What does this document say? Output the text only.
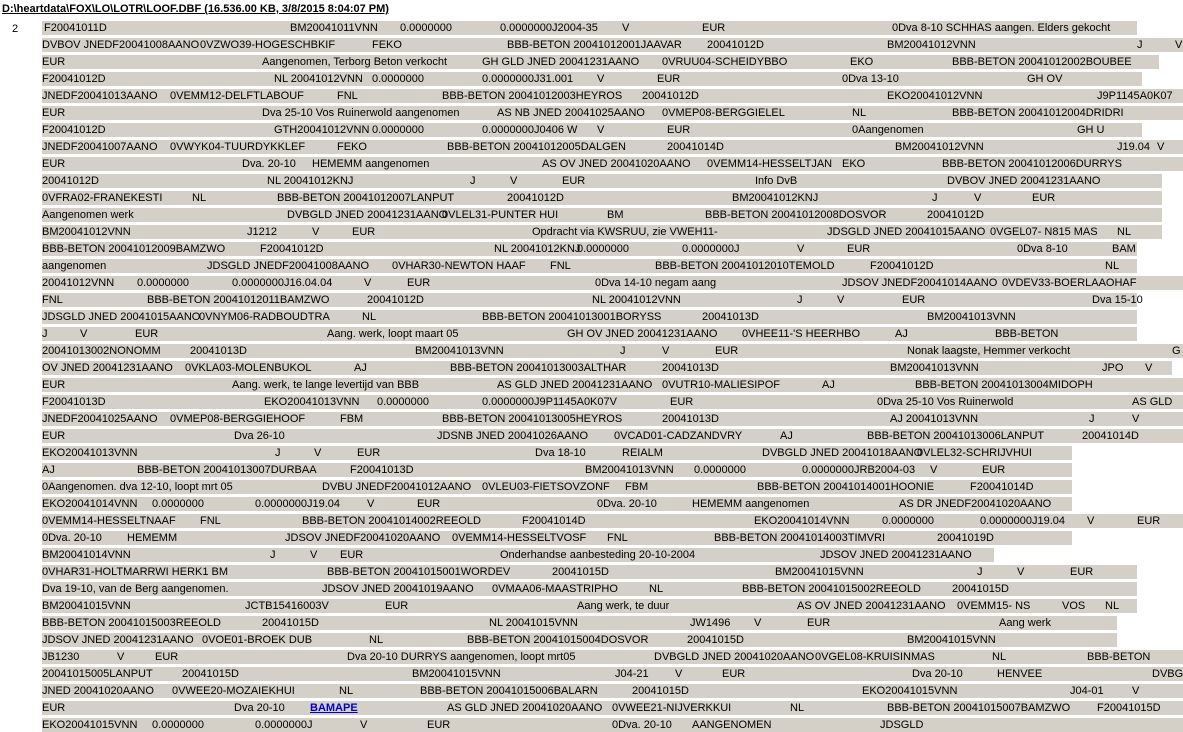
D:\heartdata\FOX\LO\LOTR\LOOF.DBF (16.536.00 KB, 3/8/2015 8:04:07 PM)
2 F20041011D	BM20041011VNN 0.0000000	0.0000000J2004-35 V	EUR	0Dva 8-10 SCHHAS aangen. Elders gekocht
DVBOV JNEDF20041008AANO 0VZWO39-HOGESCHBKIF	FEKO	BBB-BETON 20041012001JAAVAR 20041012D	BM20041012VNN	J	V
EUR	Aangenomen, Terborg Beton verkocht	GH GLD JNED 20041231AANO 0VRUU04-SCHEIDYBBO	EKO	BBB-BETON 20041012002BOUBEE
F20041012D	NL 20041012VNN 0.0000000	0.0000000J31.001 V	EUR	0Dva 13-10	GH OV
JNEDF20041013AANO 0VEMM12-DELFTLABOUF	FNL	BBB-BETON 20041012003HEYROS 20041012D	EKO20041012VNN	J9P1145A0K07
EUR	Dva 25-10 Vos Ruinerwold aangenomen	AS NB JNED 20041025AANO 0VMEP08-BERGGIELEL	NL	BBB-BETON 20041012004DRIDRI
F20041012D	GTH20041012VNN 0.0000000	0.0000000J0406 W V	EUR	0Aangenomen	GH U
JNEDF20041007AANO 0VWYK04-TUURDYKKLEF	FEKO	BBB-BETON 20041012005DALGEN	20041014D	BM20041012VNN	J19.04 V
EUR	Dva. 20-10 HEMEMM aangenomen	AS OV JNED 20041020AANO 0VEMM14-HESSELTJAN EKO	BBB-BETON 20041012006DURRYS
20041012D	NL 20041012KNJ	J	V	EUR	Info DvB	DVBOV JNED 20041231AANO
0VFRA02-FRANEKESTI	NL	BBB-BETON 20041012007LANPUT	20041012D	BM20041012KNJ	J	V	EUR
Aangenomen werk	DVBGLD JNED 20041231AANO
0VLEL31-PUNTER HUI	BM	BBB-BETON 20041012008DOSVOR	20041012D
BM20041012VNN	J1212	V	EUR	Opdracht via KWSRUU, zie VWEH11-	JDSGLD JNED 20041015AANO 0VGEL07- N815 MAS NL
BBB-BETON 20041012009BAMZWO	F20041012D	NL 20041012KNJ
0.0000000	0.0000000J	V	EUR	0Dva 8-10	BAM
aangenomen	JDSGLD JNEDF20041008AANO 0VHAR30-NEWTON HAAF FNL	BBB-BETON 20041012010TEMOLD	F20041012D	NL
20041012VNN 0.0000000	0.0000000J16.04.04	V	EUR	0Dva 14-10 negam aang	JDSOV JNEDF20041014AANO 0VDEV33-BOERLAAOHAF
FNL	BBB-BETON 20041012011BAMZWO	20041012D	NL 20041012VNN	J	V	EUR	Dva 15-10
JDSGLD JNED 20041015AANO
0VNYM06-RADBOUDTRA	NL	BBB-BETON 20041013001BORYSS	20041013D	BM20041013VNN
J	V	EUR	Aang. werk, loopt maart 05	GH OV JNED 20041231AANO 0VHEE11-'S HEERHBO	AJ	BBB-BETON
20041013002NONOMM	20041013D	BM20041013VNN	J	V	EUR	Nonak laagste, Hemmer verkocht	G
OV JNED 20041231AANO 0VKLA03-MOLENBUKOL	AJ	BBB-BETON 20041013003ALTHAR	20041013D	BM20041013VNN	JPO V
EUR	Aang. werk, te lange levertijd van BBB	AS GLD JNED 20041231AANO 0VUTR10-MALIESIPOF	AJ	BBB-BETON 20041013004MIDOPH
F20041013D	EKO20041013VNN 0.0000000	0.0000000J9P1145A0K07V	EUR	0Dva 25-10 Vos Ruinerwold	AS GLD
JNEDF20041025AANO 0VMEP08-BERGGIEHOOF	FBM	BBB-BETON 20041013005HEYROS	20041013D	AJ 20041013VNN	J	V
EUR	Dva 26-10	JDSNB JNED 20041026AANO 0VCAD01-CADZANDVRY	AJ	BBB-BETON 20041013006LANPUT	20041014D
EKO20041013VNN	J	V	EUR	Dva 18-10	REIALM	DVBGLD JNED 20041018AANO
0VLEL32-SCHRIJVHUI
AJ	BBB-BETON 20041013007DURBAA	F20041013D	BM20041013VNN 0.0000000	0.0000000JRB2004-03 V	EUR
0Aangenomen. dva 12-10, loopt mrt 05	DVBU JNEDF20041012AANO 0VLEU03-FIETSOVZONF FBM	BBB-BETON 20041014001HOONIE	F20041014D
EKO20041014VNN 0.0000000	0.0000000J19.04 V	EUR	0Dva. 20-10	HEMEMM aangenomen	AS DR JNEDF20041020AANO
0VEMM14-HESSELTNAAF FNL	BBB-BETON 20041014002REEOLD	F20041014D	EKO20041014VNN	0.0000000	0.0000000J19.04 V	EUR
0Dva. 20-10 HEMEMM	JDSOV JNEDF20041020AANO 0VEMM14-HESSELTVOSF FNL	BBB-BETON 20041014003TIMVRI	20041019D
BM20041014VNN	J	V EUR	Onderhandse aanbesteding 20-10-2004	JDSOV JNED 20041231AANO
0VHAR31-HOLTMARRWI HERK1 BM	BBB-BETON 20041015001WORDEV	20041015D	BM20041015VNN	J	V	EUR
Dva 19-10, van de Berg aangenomen.	JDSOV JNED 20041019AANO 0VMAA06-MAASTRIPHO	NL	BBB-BETON 20041015002REEOLD	20041015D
BM20041015VNN	JCTB15416003V	EUR	Aang werk, te duur	AS OV JNED 20041231AANO 0VEMM15- NS	VOS NL
BBB-BETON 20041015003REEOLD	20041015D	NL 20041015VNN	JW1496 V	EUR	Aang werk
JDSOV JNED 20041231AANO 0VOE01-BROEK DUB	NL	BBB-BETON 20041015004DOSVOR	20041015D	BM20041015VNN
JB1230	V	EUR	Dva 20-10 DURRYS aangenomen, loopt mrt05	DVBGLD JNED 20041020AANO 0VGEL08-KRUISINMAS	NL	BBB-BETON
20041015005LANPUT	20041015D	BM20041015VNN	J04-21 V	EUR	Dva 20-10	HENVEE	DVBG
JNED 20041020AANO 0VWEE20-MOZAIEKHUI	NL	BBB-BETON 20041015006BALARN	20041015D	EKO20041015VNN	J04-01	V
EUR	Dva 20-10 BAMAPE	AS GLD JNED 20041020AANO 0VWEE21-NIJVERKKUI	NL	BBB-BETON 20041015007BAMZWO F20041015D
EKO20041015VNN 0.0000000	0.0000000J	V	EUR	0Dva. 20-10 AANGENOMEN	JDSGLD
